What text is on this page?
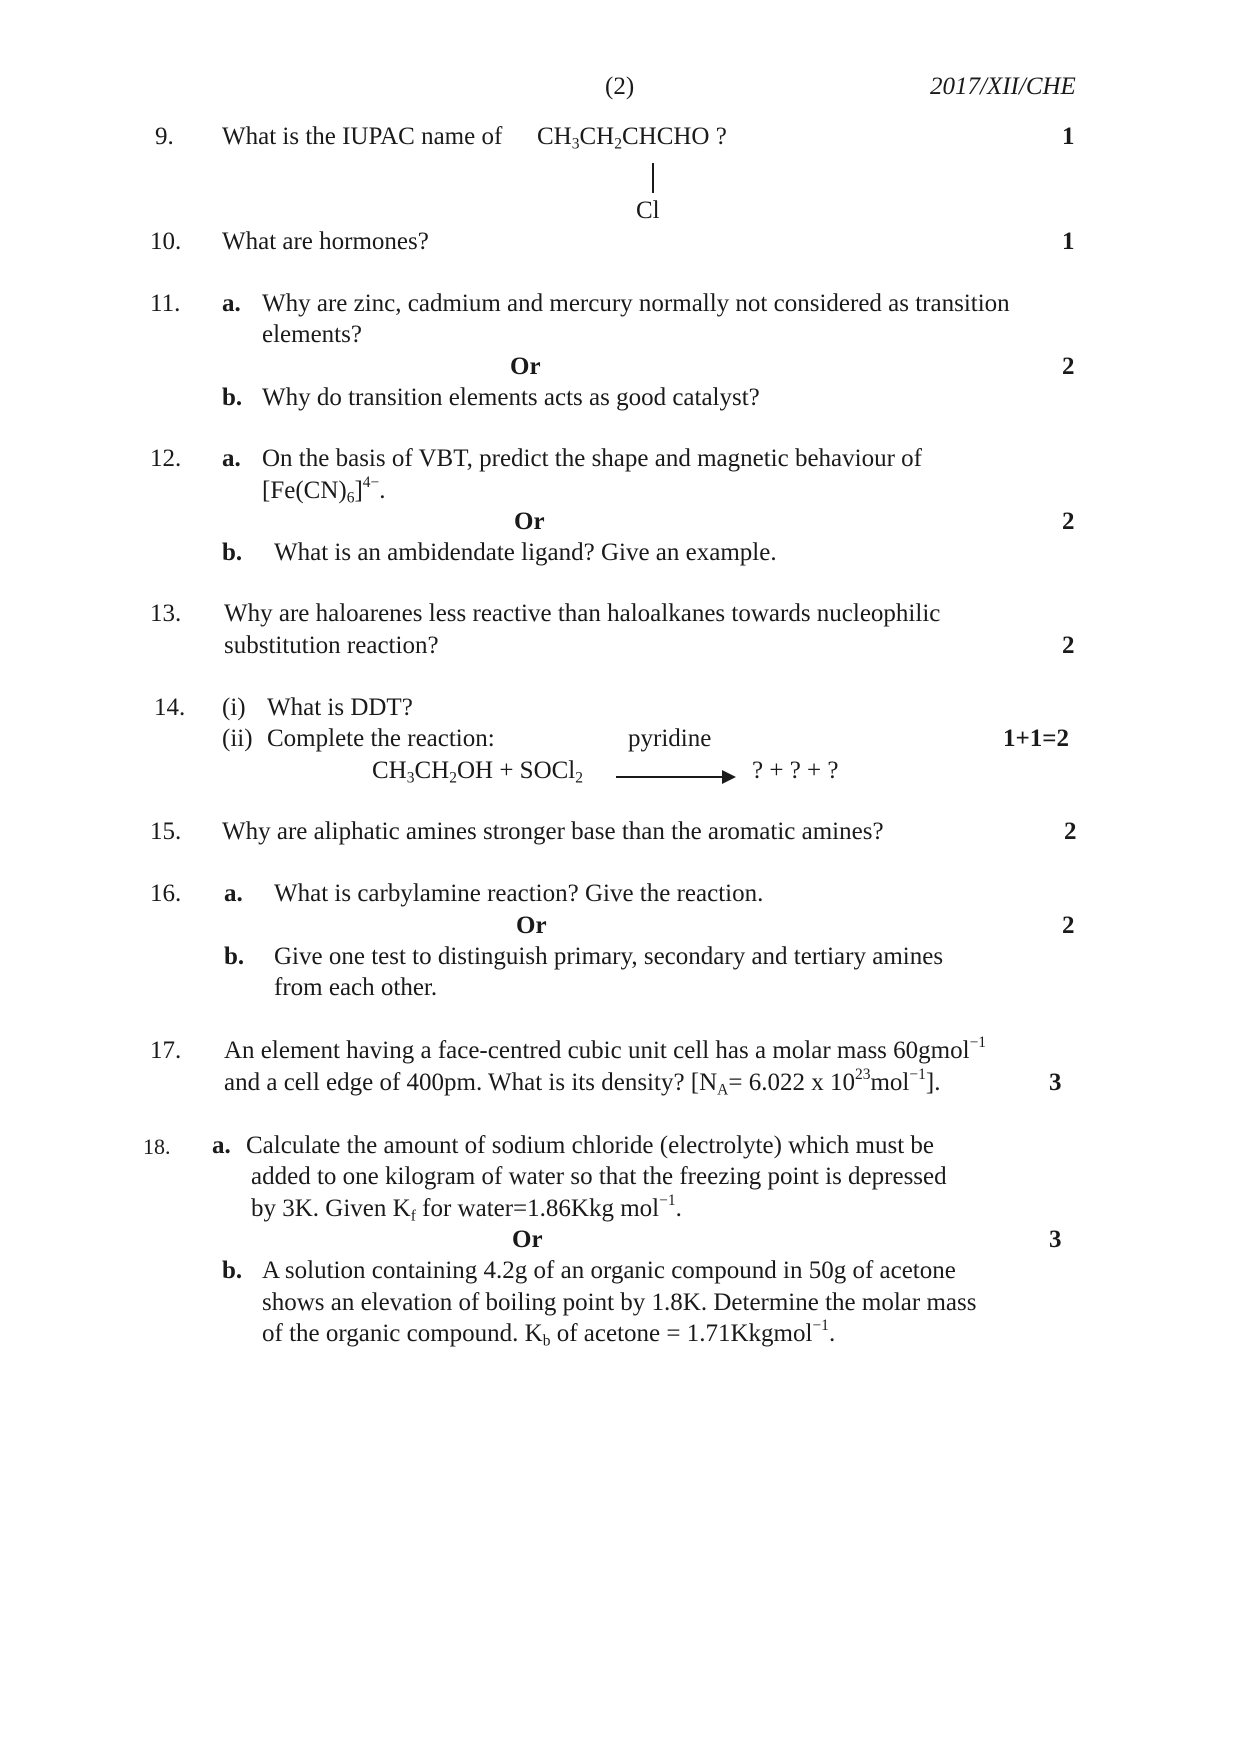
(2)	2017/XII/CHE
9. What is the IUPAC name of $CH_3CH_2CHCHO$ ?
Cl
1
10. What are hormones?	1
11. a. Why are zinc, cadmium and mercury normally not considered as transition
elements?
Or	2
b. Why do transition elements acts as good catalyst?
12. a. On the basis of VBT, predict the shape and magnetic behaviour of
$[Fe(CN)_6]^{4-}$.
Or	2
b. What is an ambidendate ligand? Give an example.
13. Why are haloarenes less reactive than haloalkanes towards nucleophilic
substitution reaction?	2
14. (i) What is DDT?
(ii) Complete the reaction:	pyridine	1+1=2
$CH_3CH_2OH$ + SOCl$_2$	? + ? + ?
15. Why are aliphatic amines stronger base than the aromatic amines?	2
16. a. What is carbylamine reaction? Give the reaction.
Or	2
b. Give one test to distinguish primary, secondary and tertiary amines
from each other.
17. An element having a face-centred cubic unit cell has a molar mass 60gmol$^{-1}$
and a cell edge of 400pm. What is its density? [$N_A= 6.022$ x $10^{23}mol^{-1}$].	3
18. a. Calculate the amount of sodium chloride (electrolyte) which must be
added to one kilogram of water so that the freezing point is depressed
by 3K. Given $K_f$ for water=1.86Kkg mol$^{-1}$.
Or	3
b. A solution containing 4.2g of an organic compound in 50g of acetone
shows an elevation of boiling point by 1.8K. Determine the molar mass
of the organic compound. $K_b$ of acetone = 1.71Kkgmol$^{-1}$.
